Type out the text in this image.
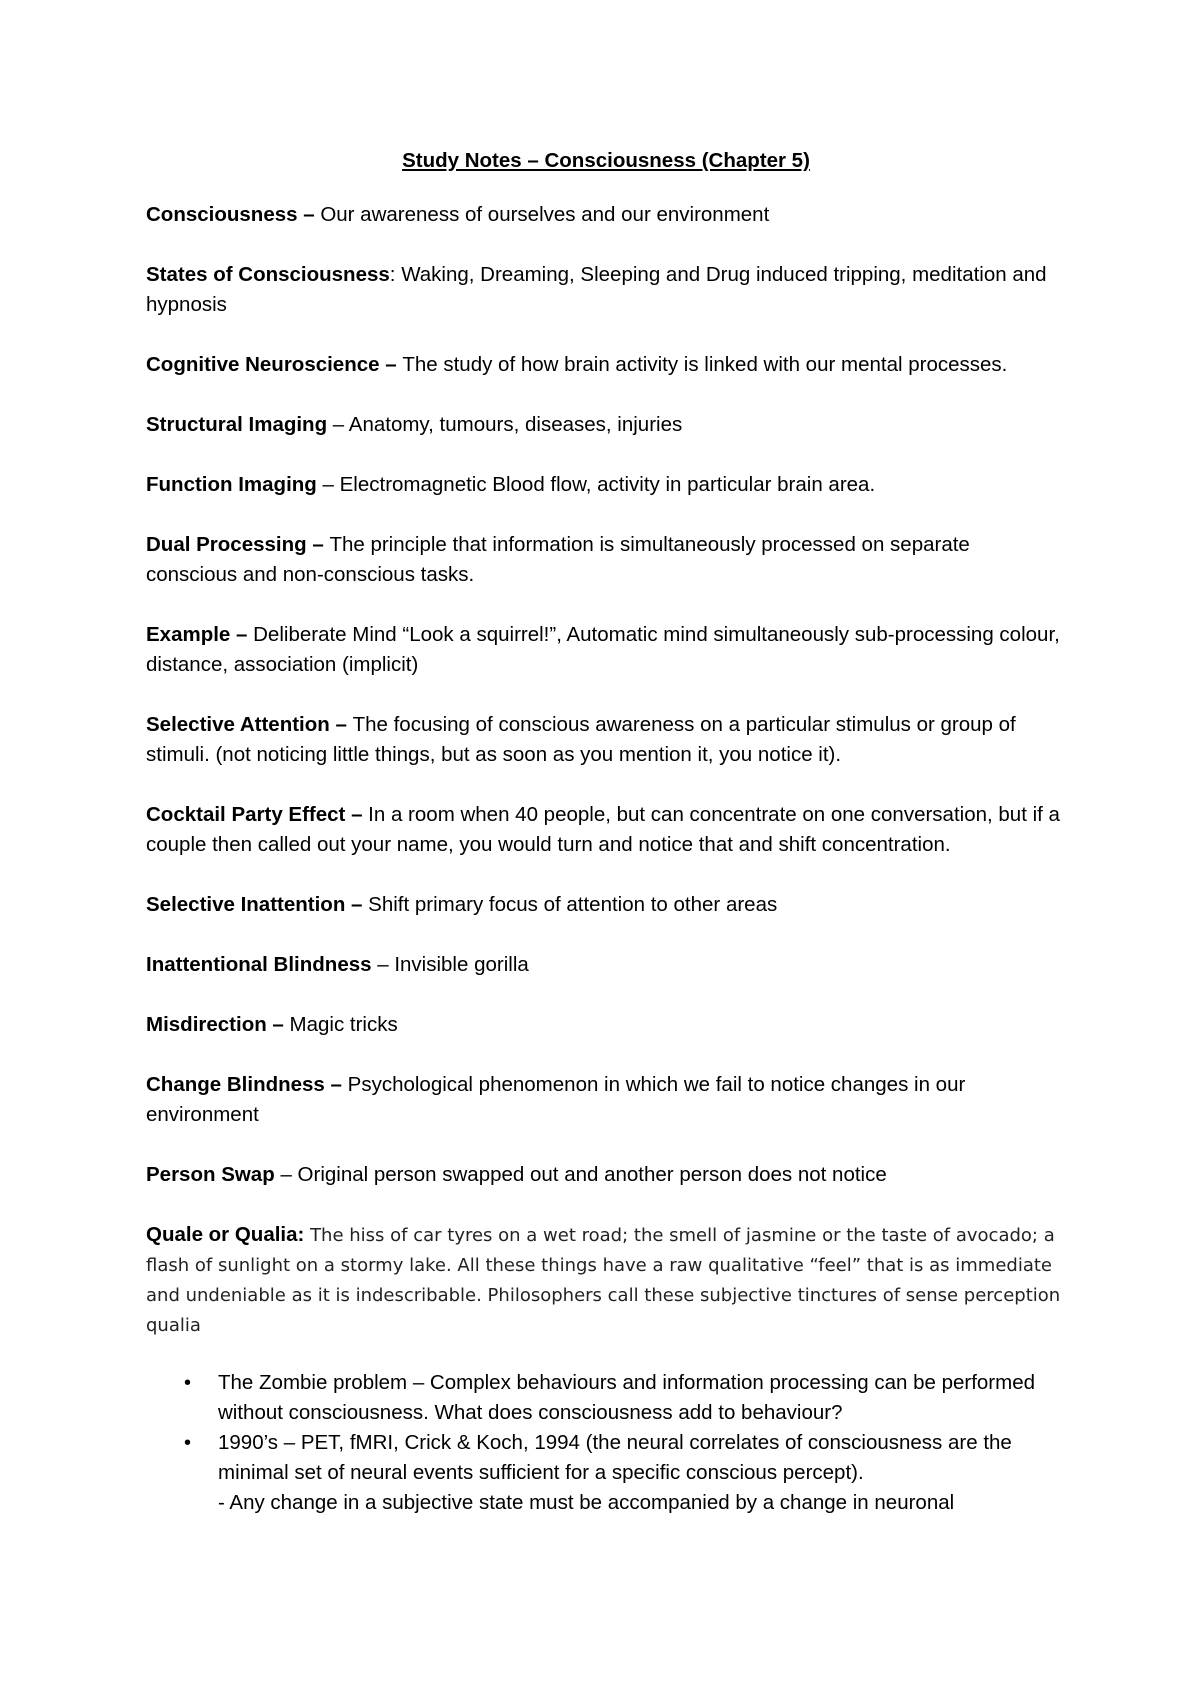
Study Notes – Consciousness (Chapter 5)
Consciousness – Our awareness of ourselves and our environment
States of Consciousness: Waking, Dreaming, Sleeping and Drug induced tripping, meditation and hypnosis
Cognitive Neuroscience – The study of how brain activity is linked with our mental processes.
Structural Imaging – Anatomy, tumours, diseases, injuries
Function Imaging – Electromagnetic Blood flow, activity in particular brain area.
Dual Processing – The principle that information is simultaneously processed on separate conscious and non-conscious tasks.
Example – Deliberate Mind “Look a squirrel!”, Automatic mind simultaneously sub-processing colour, distance, association (implicit)
Selective Attention – The focusing of conscious awareness on a particular stimulus or group of stimuli. (not noticing little things, but as soon as you mention it, you notice it).
Cocktail Party Effect – In a room when 40 people, but can concentrate on one conversation, but if a couple then called out your name, you would turn and notice that and shift concentration.
Selective Inattention – Shift primary focus of attention to other areas
Inattentional Blindness – Invisible gorilla
Misdirection – Magic tricks
Change Blindness – Psychological phenomenon in which we fail to notice changes in our environment
Person Swap – Original person swapped out and another person does not notice
Quale or Qualia: The hiss of car tyres on a wet road; the smell of jasmine or the taste of avocado; a flash of sunlight on a stormy lake. All these things have a raw qualitative “feel” that is as immediate and undeniable as it is indescribable. Philosophers call these subjective tinctures of sense perception qualia
• The Zombie problem – Complex behaviours and information processing can be performed without consciousness. What does consciousness add to behaviour?
• 1990’s – PET, fMRI, Crick & Koch, 1994 (the neural correlates of consciousness are the minimal set of neural events sufficient for a specific conscious percept).
- Any change in a subjective state must be accompanied by a change in neuronal
